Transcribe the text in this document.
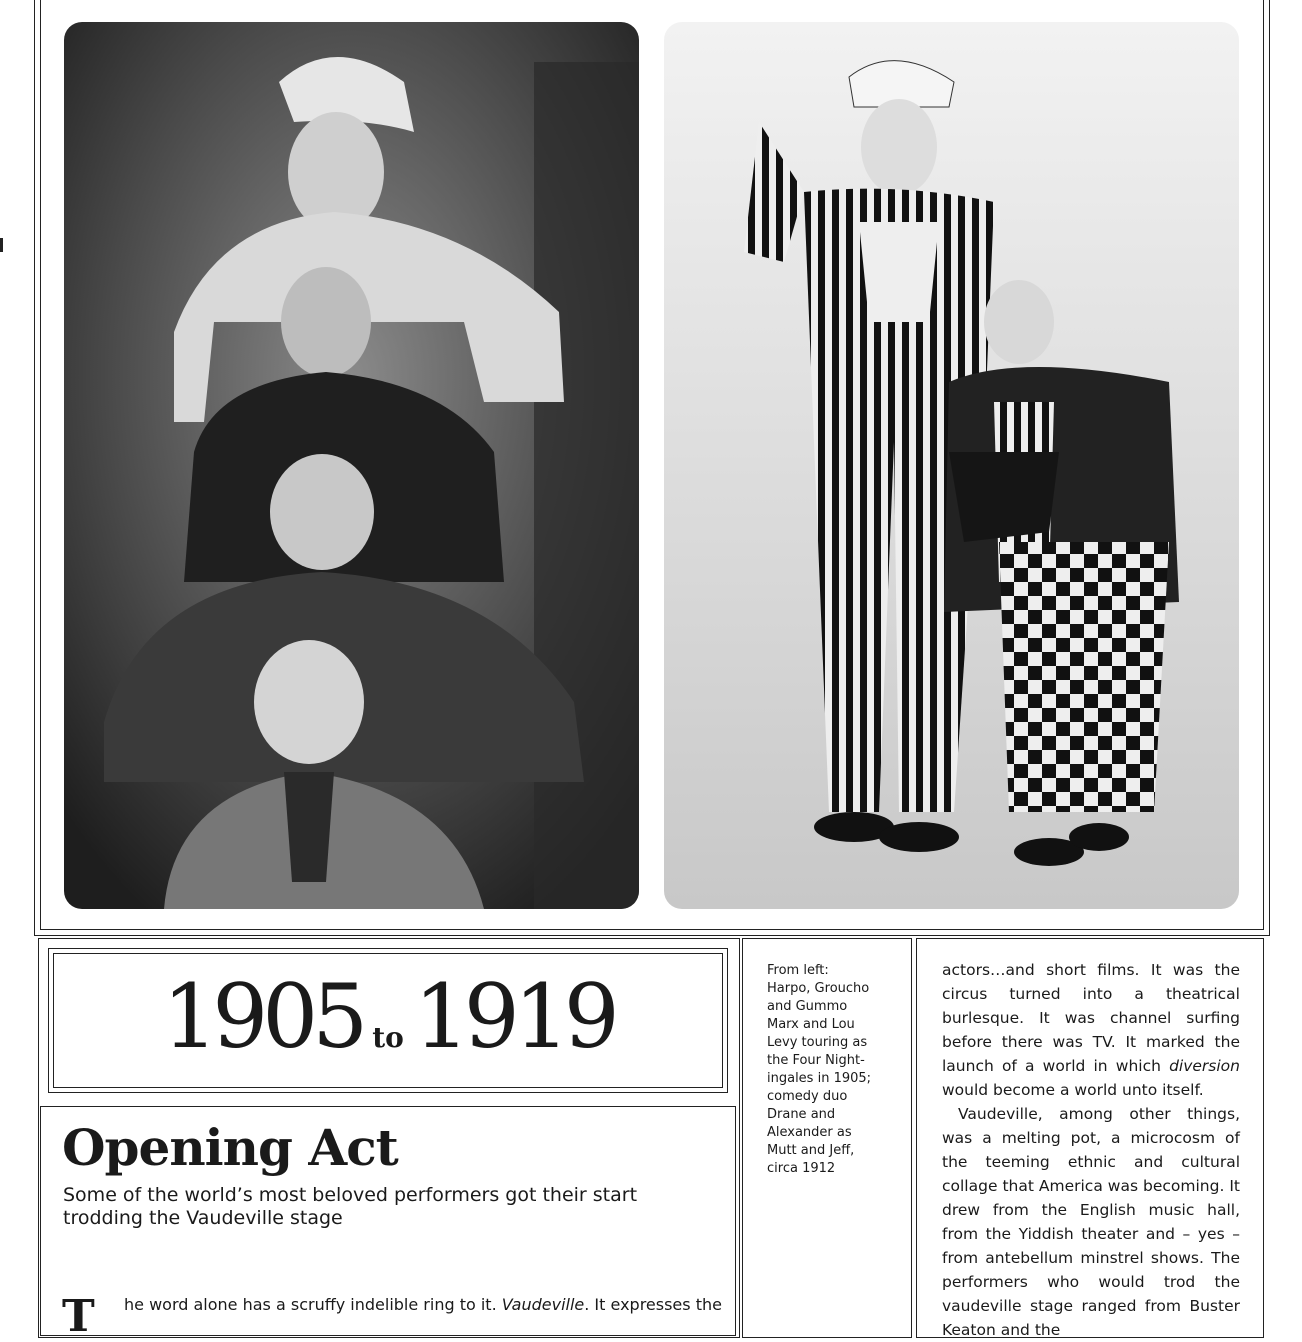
1905 to 1919
Opening Act
Some of the world’s most beloved performers got their start trodding the Vaudeville stage
T he word alone has a scruffy indelible ring to it. Vaudeville. It expresses the
From left:
Harpo, Groucho
and Gummo
Marx and Lou
Levy touring as
the Four Night-
ingales in 1905;
comedy duo
Drane and
Alexander as
Mutt and Jeff,
circa 1912

actors…and short films. It was the circus turned into a theatrical burlesque. It was channel surfing before there was TV. It marked the launch of a world in which diversion would become a world unto itself.

Vaudeville, among other things, was a melting pot, a microcosm of the teeming ethnic and cultural collage that America was becoming. It drew from the English music hall, from the Yiddish theater and – yes – from antebellum minstrel shows. The performers who would trod the vaudeville stage ranged from Buster Keaton and the
